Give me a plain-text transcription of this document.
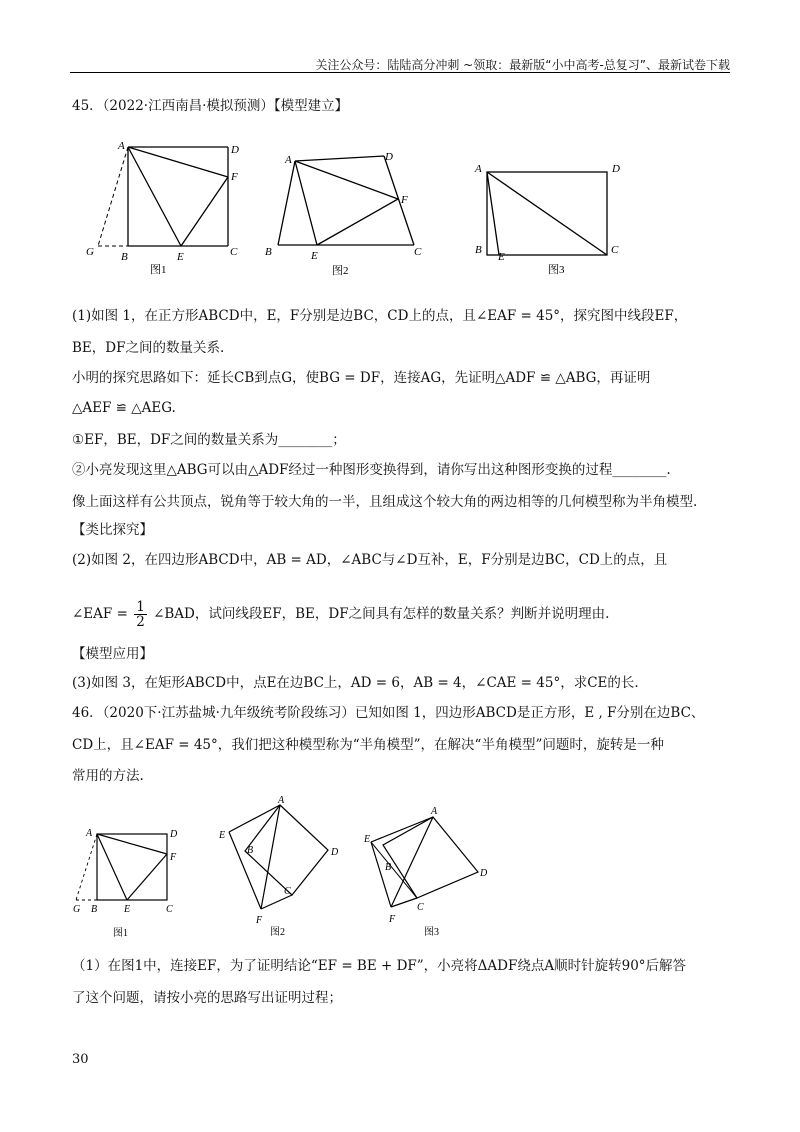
关注公众号：陆陆高分冲刺 ~领取：最新版“小中高考-总复习”、最新试卷下载
45．（2022·江西南昌·模拟预测）【模型建立】
A	D
F
B	E	C
G
图1
A	D
F
B	E	C
图2
A	D
B
E
C
图3
(1)如图 1，在正方形ABCD中，E，F分别是边BC，CD上的点，且∠EAF = 45°，探究图中线段EF，
BE，DF之间的数量关系.
小明的探究思路如下：延长CB到点G，使BG = DF，连接AG，先证明△ADF ≌ △ABG，再证明
△AEF ≌ △AEG.
①EF，BE，DF之间的数量关系为________；
②小亮发现这里△ABG可以由△ADF经过一种图形变换得到，请你写出这种图形变换的过程________.
像上面这样有公共顶点，锐角等于较大角的一半，且组成这个较大角的两边相等的几何模型称为半角模型.
【类比探究】
(2)如图 2，在四边形ABCD中，AB = AD，∠ABC与∠D互补，E，F分别是边BC，CD上的点，且
∠EAF = $\frac{1}{2}$ ∠BAD，试问线段EF，BE，DF之间具有怎样的数量关系？判断并说明理由.
【模型应用】
(3)如图 3，在矩形ABCD中，点E在边BC上，AD = 6，AB = 4，∠CAE = 45°，求CE的长.
46．（2020下·江苏盐城·九年级统考阶段练习）已知如图 1，四边形ABCD是正方形，E , F分别在边BC、
CD上，且∠EAF = 45°，我们把这种模型称为“半角模型”，在解决“半角模型”问题时，旋转是一种
常用的方法.
A	D
F
G B	E	C
图1
A
E
B	D
C
F
图2
A
E
B
D
C
F
图3
（1）在图1中，连接EF，为了证明结论“EF = BE + DF”，小亮将ΔADF绕点A顺时针旋转90°后解答
了这个问题，请按小亮的思路写出证明过程；
30
